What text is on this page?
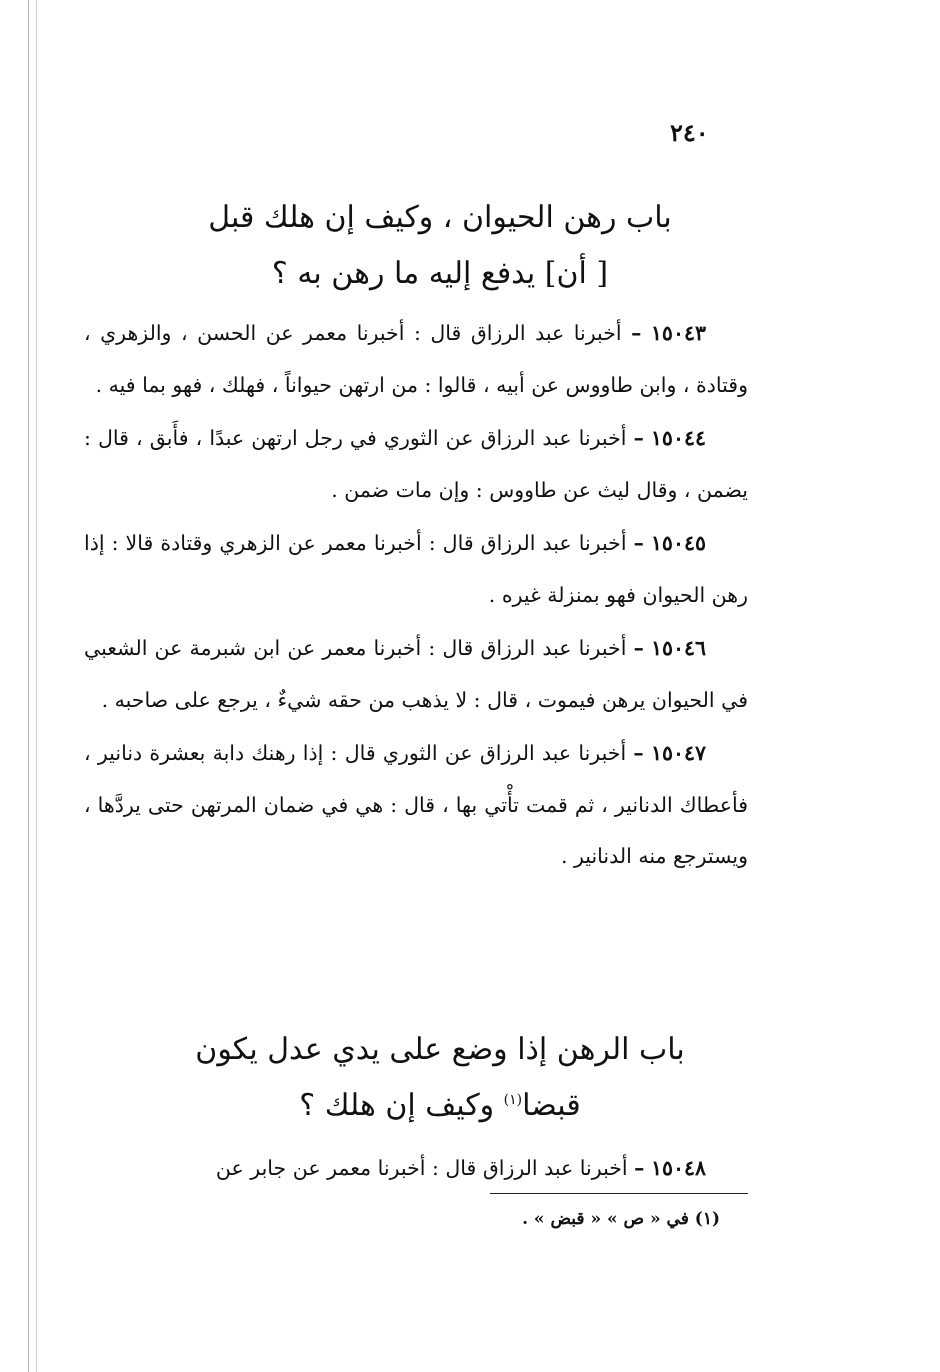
٢٤٠
باب رهن الحيوان ، وكيف إن هلك قبل
[ أن] يدفع إليه ما رهن به ؟

١٥٠٤٣ – أخبرنا عبد الرزاق قال : أخبرنا معمر عن الحسن ، والزهري ، وقتادة ، وابن طاووس عن أبيه ، قالوا : من ارتهن حيواناً ، فهلك ، فهو بما فيه .

١٥٠٤٤ – أخبرنا عبد الرزاق عن الثوري في رجل ارتهن عبدًا ، فأَبق ، قال : يضمن ، وقال ليث عن طاووس : وإن مات ضمن .

١٥٠٤٥ – أخبرنا عبد الرزاق قال : أخبرنا معمر عن الزهري وقتادة قالا : إذا رهن الحيوان فهو بمنزلة غيره .

١٥٠٤٦ – أخبرنا عبد الرزاق قال : أخبرنا معمر عن ابن شبرمة عن الشعبي في الحيوان يرهن فيموت ، قال : لا يذهب من حقه شيءٌ ، يرجع على صاحبه .

١٥٠٤٧ – أخبرنا عبد الرزاق عن الثوري قال : إذا رهنك دابة بعشرة دنانير ، فأعطاك الدنانير ، ثم قمت تأْتي بها ، قال : هي في ضمان المرتهن حتى يردَّها ، ويسترجع منه الدنانير .

باب الرهن إذا وضع على يدي عدل يكون
قبضا$^{(١)}$ وكيف إن هلك ؟

١٥٠٤٨ – أخبرنا عبد الرزاق قال : أخبرنا معمر عن جابر عن

(١) في « ص » « قبض » .
